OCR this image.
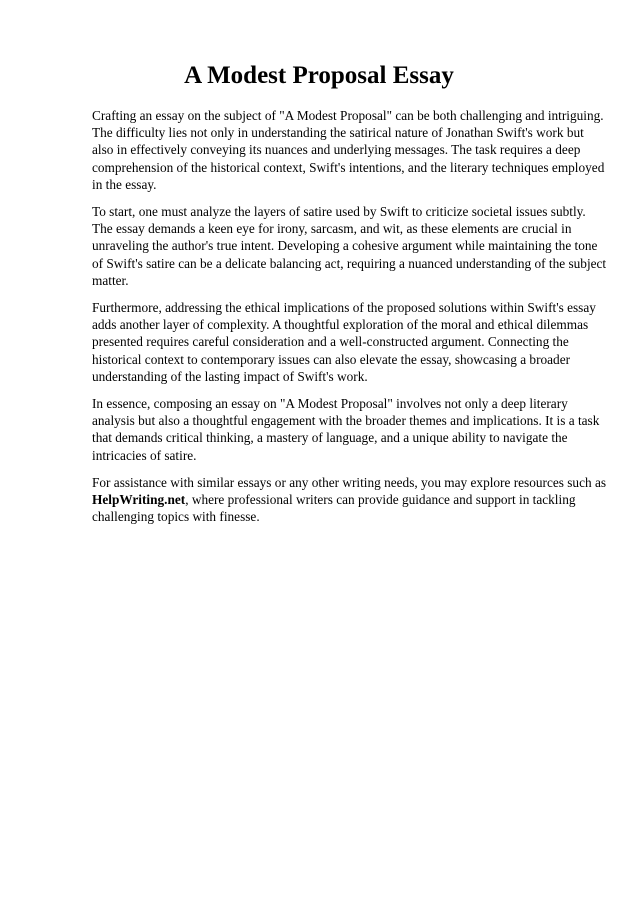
A Modest Proposal Essay

Crafting an essay on the subject of "A Modest Proposal" can be both challenging and intriguing. The difficulty lies not only in understanding the satirical nature of Jonathan Swift's work but also in effectively conveying its nuances and underlying messages. The task requires a deep comprehension of the historical context, Swift's intentions, and the literary techniques employed in the essay.

To start, one must analyze the layers of satire used by Swift to criticize societal issues subtly. The essay demands a keen eye for irony, sarcasm, and wit, as these elements are crucial in unraveling the author's true intent. Developing a cohesive argument while maintaining the tone of Swift's satire can be a delicate balancing act, requiring a nuanced understanding of the subject matter.

Furthermore, addressing the ethical implications of the proposed solutions within Swift's essay adds another layer of complexity. A thoughtful exploration of the moral and ethical dilemmas presented requires careful consideration and a well-constructed argument. Connecting the historical context to contemporary issues can also elevate the essay, showcasing a broader understanding of the lasting impact of Swift's work.

In essence, composing an essay on "A Modest Proposal" involves not only a deep literary analysis but also a thoughtful engagement with the broader themes and implications. It is a task that demands critical thinking, a mastery of language, and a unique ability to navigate the intricacies of satire.

For assistance with similar essays or any other writing needs, you may explore resources such as HelpWriting.net, where professional writers can provide guidance and support in tackling challenging topics with finesse.
